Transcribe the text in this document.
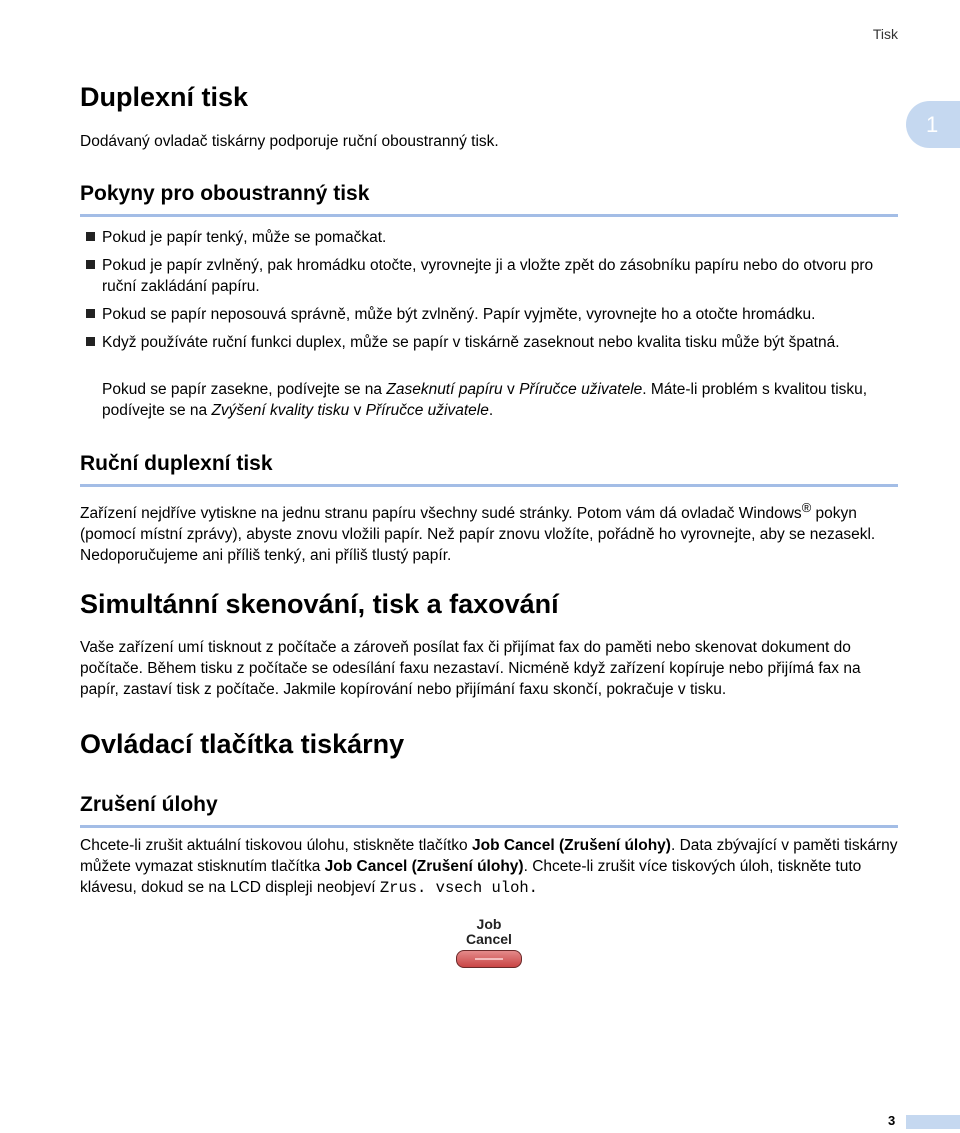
Tisk
1
Duplexní tisk

Dodávaný ovladač tiskárny podporuje ruční oboustranný tisk.

Pokyny pro oboustranný tisk
Pokud je papír tenký, může se pomačkat.
Pokud je papír zvlněný, pak hromádku otočte, vyrovnejte ji a vložte zpět do zásobníku papíru nebo do otvoru pro ruční zakládání papíru.
Pokud se papír neposouvá správně, může být zvlněný. Papír vyjměte, vyrovnejte ho a otočte hromádku.
Když používáte ruční funkci duplex, může se papír v tiskárně zaseknout nebo kvalita tisku může být špatná.

Pokud se papír zasekne, podívejte se na Zaseknutí papíru v Příručce uživatele. Máte-li problém s kvalitou tisku, podívejte se na Zvýšení kvality tisku v Příručce uživatele.

Ruční duplexní tisk

Zařízení nejdříve vytiskne na jednu stranu papíru všechny sudé stránky. Potom vám dá ovladač Windows® pokyn (pomocí místní zprávy), abyste znovu vložili papír. Než papír znovu vložíte, pořádně ho vyrovnejte, aby se nezasekl. Nedoporučujeme ani příliš tenký, ani příliš tlustý papír.

Simultánní skenování, tisk a faxování

Vaše zařízení umí tisknout z počítače a zároveň posílat fax či přijímat fax do paměti nebo skenovat dokument do počítače. Během tisku z počítače se odesílání faxu nezastaví. Nicméně když zařízení kopíruje nebo přijímá fax na papír, zastaví tisk z počítače. Jakmile kopírování nebo přijímání faxu skončí, pokračuje v tisku.

Ovládací tlačítka tiskárny
Zrušení úlohy

Chcete-li zrušit aktuální tiskovou úlohu, stiskněte tlačítko Job Cancel (Zrušení úlohy). Data zbývající v paměti tiskárny můžete vymazat stisknutím tlačítka Job Cancel (Zrušení úlohy). Chcete-li zrušit více tiskových úloh, tiskněte tuto klávesu, dokud se na LCD displeji neobjeví Zrus. vsech uloh.

Job
Cancel
3
